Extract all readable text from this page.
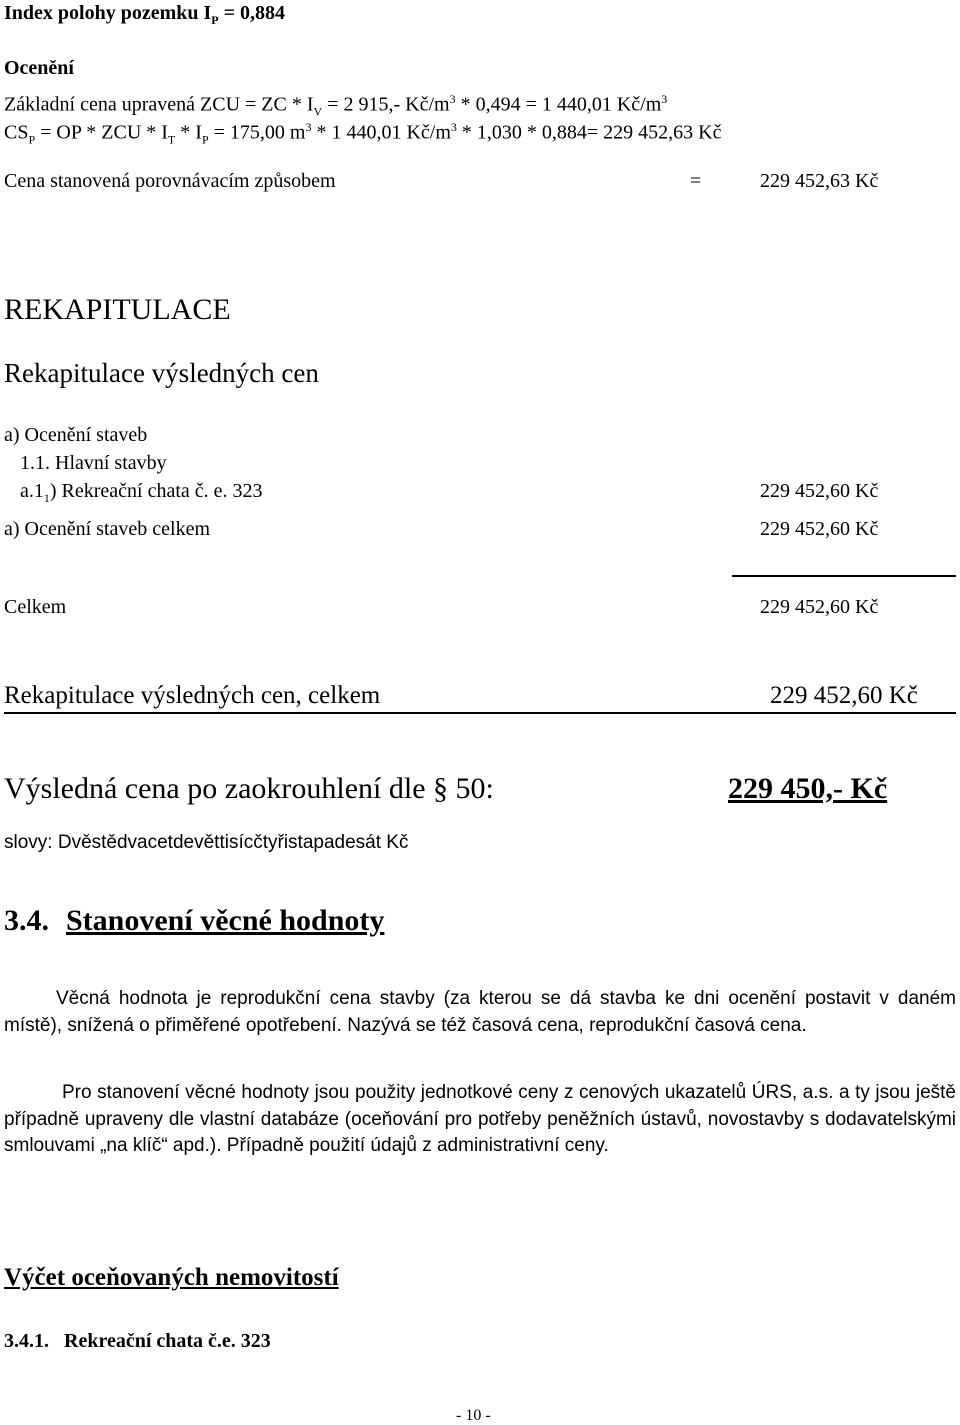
Index polohy pozemku $I_P = 0,884$
Ocenění
Základní cena upravená ZCU = ZC * $I_V = 2$ 915,- $Kč/m^3 * 0,494 = 1$ 440,01 $Kč/m^3$
$CS_P$ = OP * ZCU * $I_T * I_P = 175,00$ $m^3 * 1$ 440,01 $Kč/m^3 * 1,030 * 0,884= 229$ 452,63 Kč
Cena stanovená porovnávacím způsobem	=	229 452,63 Kč
REKAPITULACE
Rekapitulace výsledných cen
a) Ocenění staveb
1.1. Hlavní stavby
$a.1_1$) Rekreační chata č. e. 323	229 452,60 Kč
a) Ocenění staveb celkem	229 452,60 Kč
Celkem	229 452,60 Kč
Rekapitulace výsledných cen, celkem	229 452,60 Kč
Výsledná cena po zaokrouhlení dle § 50:	229 450,- Kč
slovy: Dvěstědvacetdevěttisícčtyřistapadesát Kč
3.4. Stanovení věcné hodnoty
Věcná hodnota je reprodukční cena stavby (za kterou se dá stavba ke dni ocenění postavit v daném místě), snížená o přiměřené opotřebení. Nazývá se též časová cena, reprodukční časová cena.
Pro stanovení věcné hodnoty jsou použity jednotkové ceny z cenových ukazatelů ÚRS, a.s. a ty jsou ještě případně upraveny dle vlastní databáze (oceňování pro potřeby peněžních ústavů, novostavby s dodavatelskými smlouvami „na klíč“ apd.). Případně použití údajů z administrativní ceny.
Výčet oceňovaných nemovitostí
3.4.1.   Rekreační chata č.e. 323
- 10 -
